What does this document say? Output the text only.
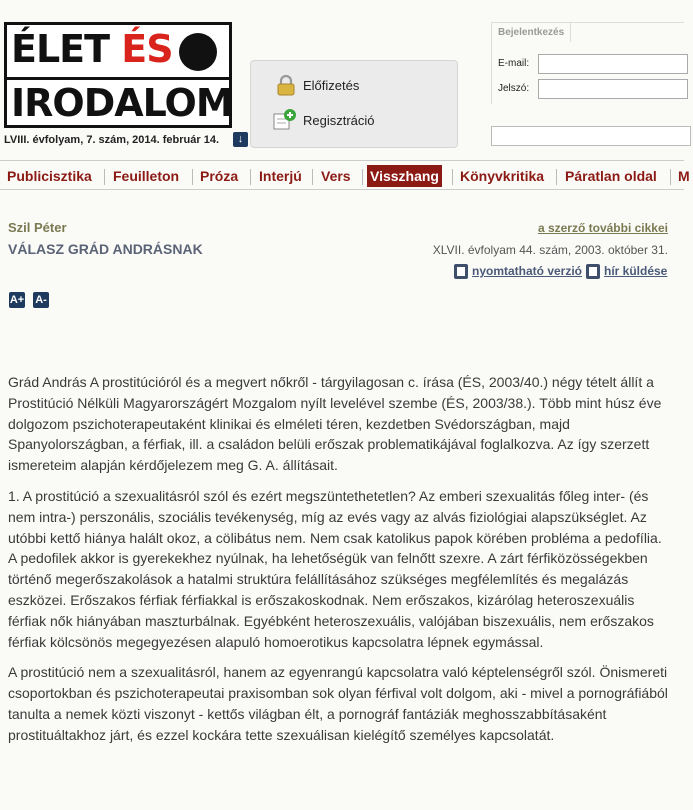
ÉLET ÉS
IRODALOM
LVIII. évfolyam, 7. szám, 2014. február 14.	↓
Előfizetés
Regisztráció
Bejelentkezés
E-mail:
Jelszó:
Publicisztika Feuilleton Próza Interjú Vers Visszhang Könyvkritika Páratlan oldal M
Szil Péter
VÁLASZ GRÁD ANDRÁSNAK
a szerző további cikkei
XLVII. évfolyam 44. szám, 2003. október 31.
nyomtatható verzió hír küldése
A+ A-

Grád András A prostitúcióról és a megvert nőkről - tárgyilagosan c. írása (ÉS, 2003/40.) négy tételt állít a Prostitúció Nélküli Magyarországért Mozgalom nyílt levelével szembe (ÉS, 2003/38.). Több mint húsz éve dolgozom pszichoterapeutaként klinikai és elméleti téren, kezdetben Svédországban, majd Spanyolországban, a férfiak, ill. a családon belüli erőszak problematikájával foglalkozva. Az így szerzett ismereteim alapján kérdőjelezem meg G. A. állításait.

1. A prostitúció a szexualitásról szól és ezért megszüntethetetlen? Az emberi szexualitás főleg inter- (és nem intra-) perszonális, szociális tevékenység, míg az evés vagy az alvás fiziológiai alapszükséglet. Az utóbbi kettő hiánya halált okoz, a cölibátus nem. Nem csak katolikus papok körében probléma a pedofília. A pedofilek akkor is gyerekekhez nyúlnak, ha lehetőségük van felnőtt szexre. A zárt férfiközösségekben történő megerőszakolások a hatalmi struktúra felállításához szükséges megfélemlítés és megalázás eszközei. Erőszakos férfiak férfiakkal is erőszakoskodnak. Nem erőszakos, kizárólag heteroszexuális férfiak nők hiányában maszturbálnak. Egyébként heteroszexuális, valójában biszexuális, nem erőszakos férfiak kölcsönös megegyezésen alapuló homoerotikus kapcsolatra lépnek egymással.

A prostitúció nem a szexualitásról, hanem az egyenrangú kapcsolatra való képtelenségről szól. Önismereti csoportokban és pszichoterapeutai praxisomban sok olyan férfival volt dolgom, aki - mivel a pornográfiából tanulta a nemek közti viszonyt - kettős világban élt, a pornográf fantáziák meghosszabbításaként prostituáltakhoz járt, és ezzel kockára tette szexuálisan kielégítő személyes kapcsolatát.
